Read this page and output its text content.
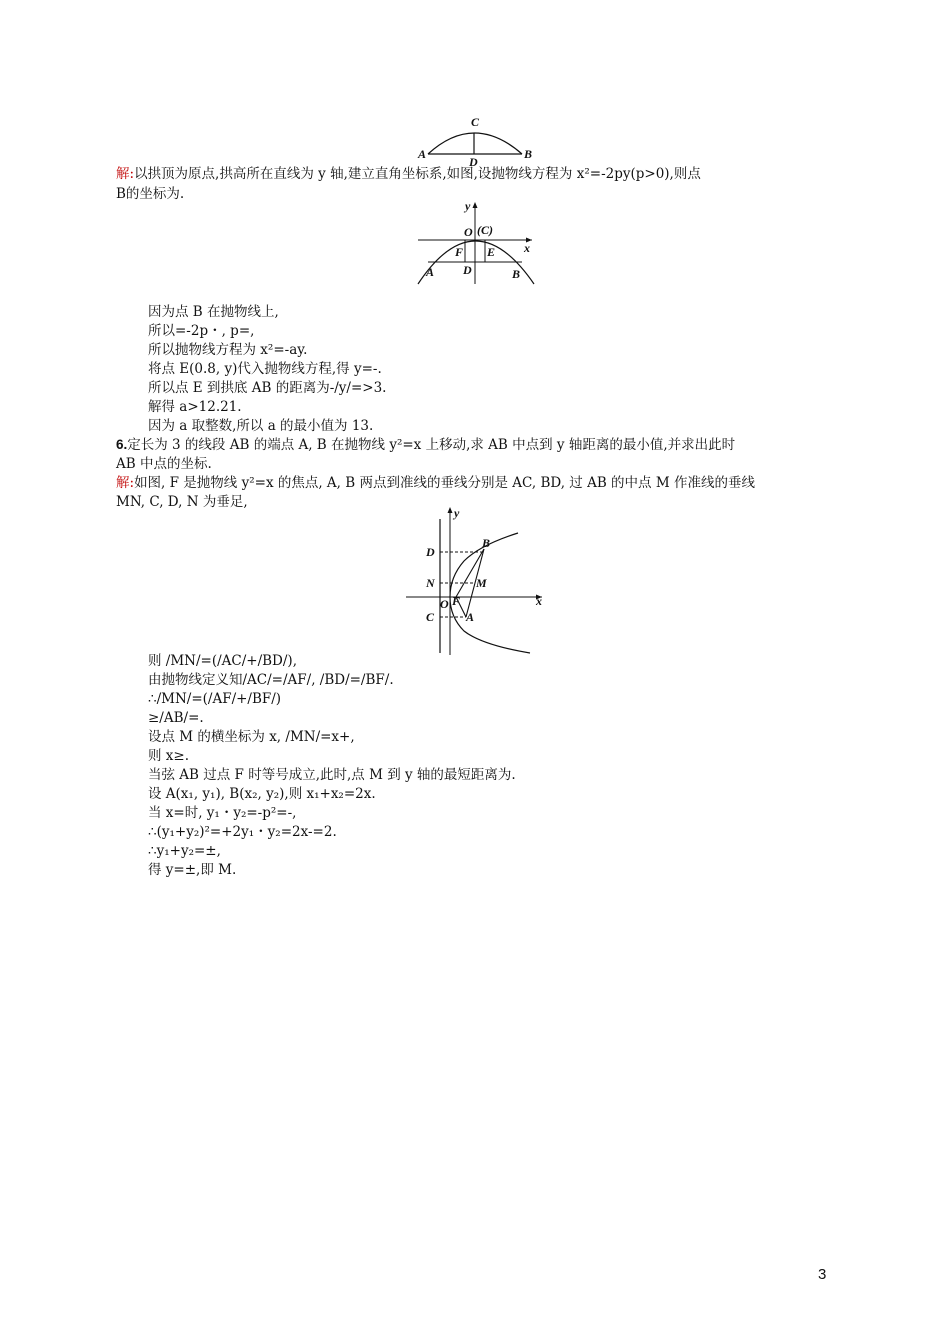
A	B
C
D
解:以拱顶为原点,拱高所在直线为 y 轴,建立直角坐标系,如图,设抛物线方程为 x²=-2py(p>0),则点
B的坐标为.
y
O (C)
x
F E
A D	B
因为点 B 在抛物线上,
所以=-2p・, p=,
所以抛物线方程为 x²=-ay.
将点 E(0.8, y)代入抛物线方程,得 y=-.
所以点 E 到拱底 AB 的距离为-/y/=>3.
解得 a>12.21.
因为 a 取整数,所以 a 的最小值为 13.
6.定长为 3 的线段 AB 的端点 A, B 在抛物线 y²=x 上移动,求 AB 中点到 y 轴距离的最小值,并求出此时
AB 中点的坐标.
解:如图, F 是抛物线 y²=x 的焦点, A, B 两点到准线的垂线分别是 AC, BD, 过 AB 的中点 M 作准线的垂线
MN, C, D, N 为垂足,
y
D
B
N	M
O F	x
C	A
则 /MN/=(/AC/+/BD/),
由抛物线定义知/AC/=/AF/, /BD/=/BF/.
∴/MN/=(/AF/+/BF/)
≥/AB/=.
设点 M 的横坐标为 x, /MN/=x+,
则 x≥.
当弦 AB 过点 F 时等号成立,此时,点 M 到 y 轴的最短距离为.
设 A(x₁, y₁), B(x₂, y₂),则 x₁+x₂=2x.
当 x=时, y₁・y₂=-p²=-,
∴(y₁+y₂)²=+2y₁・y₂=2x-=2.
∴y₁+y₂=±,
得 y=±,即 M.
3
